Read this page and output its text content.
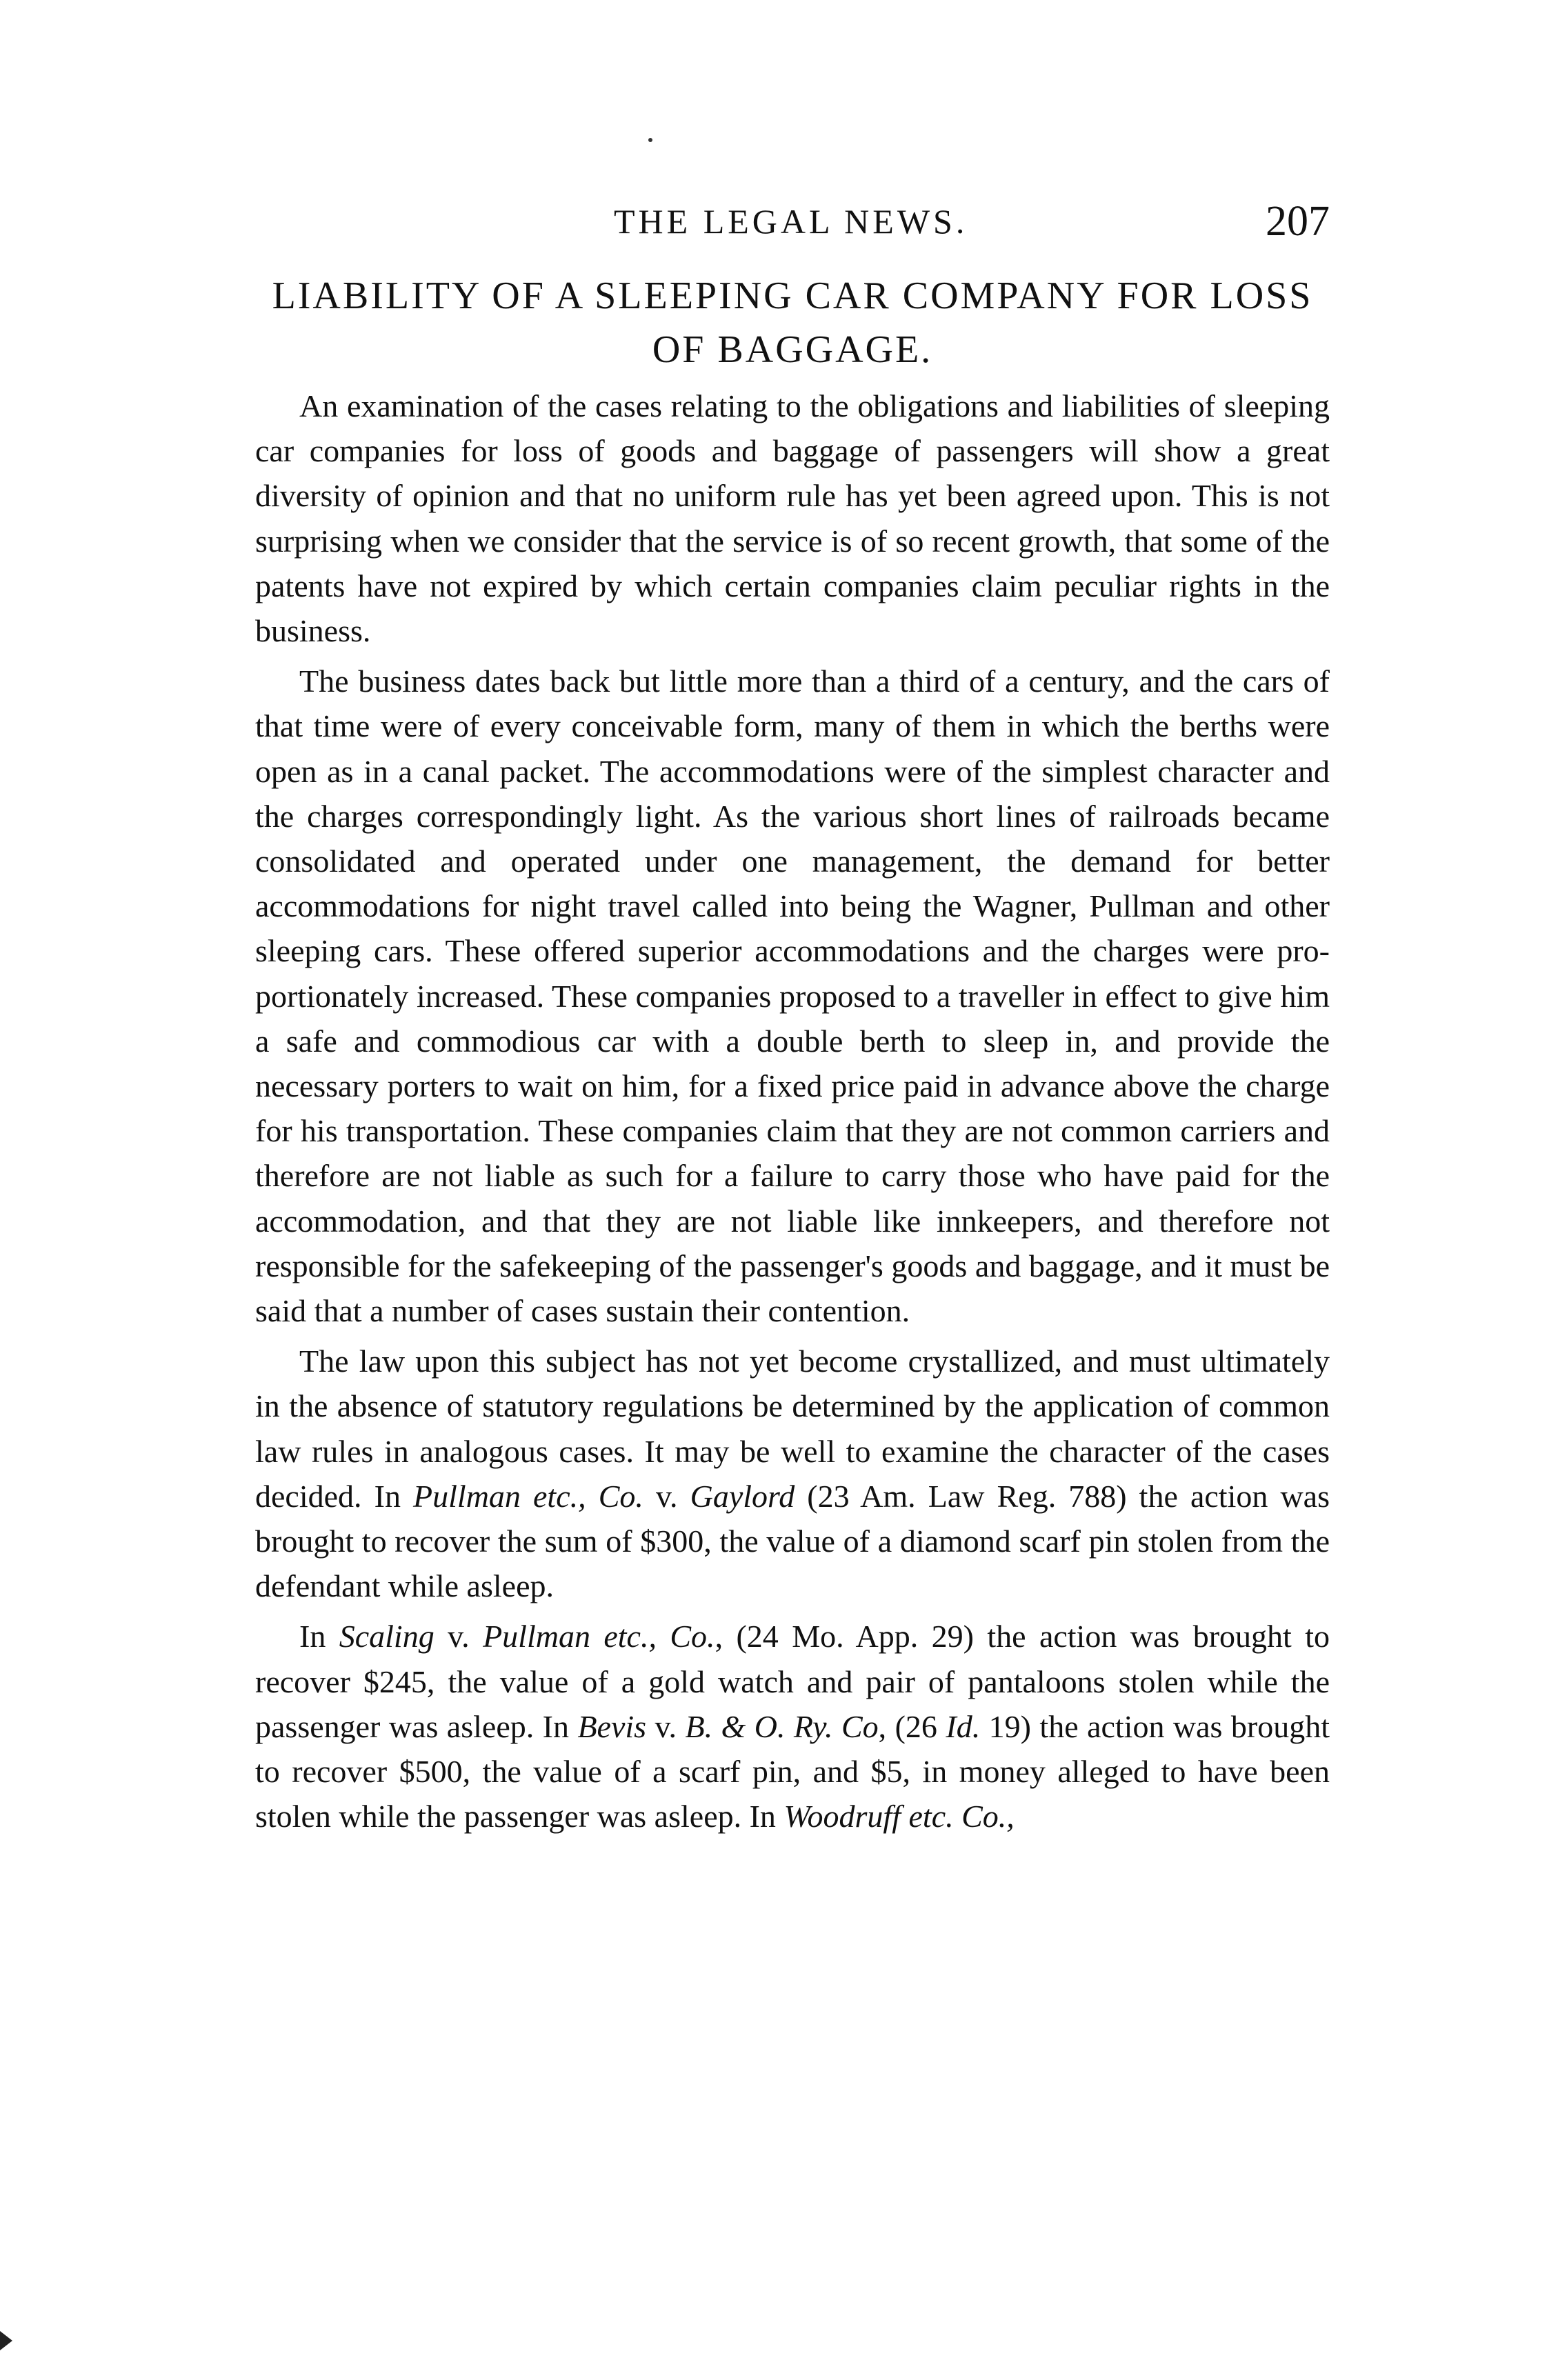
THE LEGAL NEWS.	207
LIABILITY OF A SLEEPING CAR COMPANY FOR LOSS OF BAGGAGE.

An examination of the cases relating to the obligations and liabilities of sleeping car companies for loss of goods and baggage of passengers will show a great diversity of opinion and that no uniform rule has yet been agreed upon. This is not surprising when we consider that the service is of so recent growth, that some of the patents have not expired by which certain companies claim peculiar rights in the business.

The business dates back but little more than a third of a century, and the cars of that time were of every conceivable form, many of them in which the berths were open as in a canal packet. The accommodations were of the simplest character and the charges correspondingly light. As the various short lines of railroads became consolidated and operated under one management, the demand for better accommodations for night travel called into being the Wagner, Pullman and other sleeping cars. These offered superior accommodations and the charges were proportionately increased. These companies proposed to a traveller in effect to give him a safe and commodious car with a double berth to sleep in, and provide the necessary porters to wait on him, for a fixed price paid in advance above the charge for his transportation. These companies claim that they are not common carriers and therefore are not liable as such for a failure to carry those who have paid for the accommodation, and that they are not liable like innkeepers, and therefore not responsible for the safekeeping of the passenger's goods and baggage, and it must be said that a number of cases sustain their contention.

The law upon this subject has not yet become crystallized, and must ultimately in the absence of statutory regulations be determined by the application of common law rules in analogous cases. It may be well to examine the character of the cases decided. In Pullman etc., Co. v. Gaylord (23 Am. Law Reg. 788) the action was brought to recover the sum of $300, the value of a diamond scarf pin stolen from the defendant while asleep.

In Scaling v. Pullman etc., Co., (24 Mo. App. 29) the action was brought to recover $245, the value of a gold watch and pair of pantaloons stolen while the passenger was asleep. In Bevis v. B. & O. Ry. Co, (26 Id. 19) the action was brought to recover $500, the value of a scarf pin, and $5, in money alleged to have been stolen while the passenger was asleep. In Woodruff etc. Co.,
